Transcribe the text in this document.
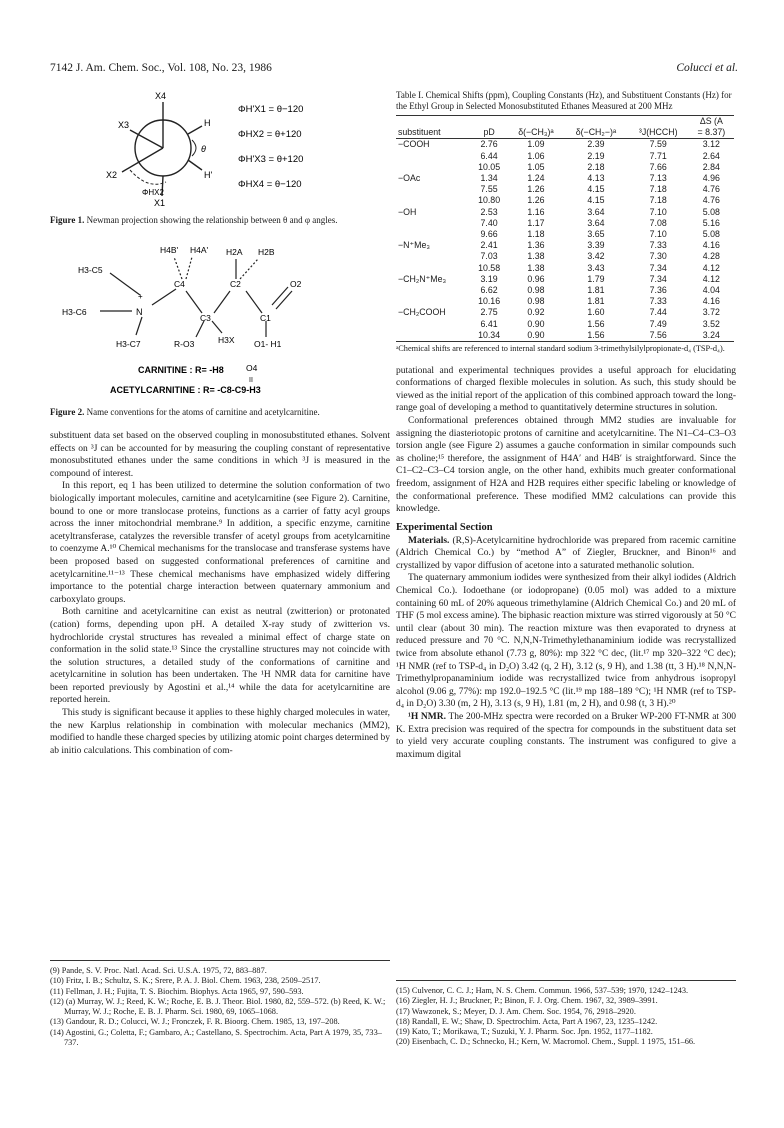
7142 J. Am. Chem. Soc., Vol. 108, No. 23, 1986	Colucci et al.
X4
X3
X2
X1
H
H'
θ
ΦHX2
ΦH'X1 = θ−120
ΦHX2 = θ+120
ΦH'X3 = θ+120
ΦHX4 = θ−120

Figure 1. Newman projection showing the relationship between θ and φ angles.

H4B' H4A' H2A H2B
H3-C5
H3-C6	N
+
C4
C3
C2
C1
O2
H3-C7	R-O3	H3X O1- H1
O4
II
CARNITINE : R= -H8
ACETYLCARNITINE : R= -C8-C9-H3

Figure 2. Name conventions for the atoms of carnitine and acetylcarnitine.

substituent data set based on the observed coupling in monosubstituted ethanes. Solvent effects on ³J can be accounted for by measuring the coupling constant of representative monosubstituted ethanes under the same conditions in which ³J is measured in the compound of interest.

In this report, eq 1 has been utilized to determine the solution conformation of two biologically important molecules, carnitine and acetylcarnitine (see Figure 2). Carnitine, bound to one or more translocase proteins, functions as a carrier of fatty acyl groups across the inner mitochondrial membrane.⁹ In addition, a specific enzyme, carnitine acetyltransferase, catalyzes the reversible transfer of acetyl groups from acetylcarnitine to coenzyme A.¹⁰ Chemical mechanisms for the translocase and transferase systems have been proposed based on suggested conformational preferences of carnitine and acetylcarnitine.¹¹⁻¹³ These chemical mechanisms have emphasized widely differing importance to the potential charge interaction between quaternary ammonium and carboxylato groups.

Both carnitine and acetylcarnitine can exist as neutral (zwitterion) or protonated (cation) forms, depending upon pH. A detailed X-ray study of zwitterion vs. hydrochloride crystal structures has revealed a minimal effect of charge state on conformation in the solid state.¹³ Since the crystalline structures may not coincide with the solution structures, a detailed study of the conformations of carnitine and acetylcarnitine in solution has been undertaken. The ¹H NMR data for carnitine have been reported previously by Agostini et al.,¹⁴ while the data for acetylcarnitine are reported herein.

This study is significant because it applies to these highly charged molecules in water, the new Karplus relationship in combination with molecular mechanics (MM2), modified to handle these charged species by utilizing atomic point charges determined by ab initio calculations. This combination of com-

(9) Pande, S. V. Proc. Natl. Acad. Sci. U.S.A. 1975, 72, 883–887.
(10) Fritz, I. B.; Schultz, S. K.; Srere, P. A. J. Biol. Chem. 1963, 238, 2509–2517.
(11) Fellman, J. H.; Fujita, T. S. Biochim. Biophys. Acta 1965, 97, 590–593.
(12) (a) Murray, W. J.; Reed, K. W.; Roche, E. B. J. Theor. Biol. 1980, 82, 559–572. (b) Reed, K. W.; Murray, W. J.; Roche, E. B. J. Pharm. Sci. 1980, 69, 1065–1068.
(13) Gandour, R. D.; Colucci, W. J.; Fronczek, F. R. Bioorg. Chem. 1985, 13, 197–208.
(14) Agostini, G.; Coletta, F.; Gambaro, A.; Castellano, S. Spectrochim. Acta, Part A 1979, 35, 733–737.

Table I. Chemical Shifts (ppm), Coupling Constants (Hz), and Substituent Constants (Hz) for the Ethyl Group in Selected Monosubstituted Ethanes Measured at 200 MHz

					ΔS (A
substituent	pD	δ(−CH₃)ᵃ	δ(−CH₂−)ᵃ	³J(HCCH)	= 8.37)
−COOH	2.76	1.09	2.39	7.59	3.12
	6.44	1.06	2.19	7.71	2.64
	10.05	1.05	2.18	7.66	2.84
−OAc	1.34	1.24	4.13	7.13	4.96
	7.55	1.26	4.15	7.18	4.76
	10.80	1.26	4.15	7.18	4.76
−OH	2.53	1.16	3.64	7.10	5.08
	7.40	1.17	3.64	7.08	5.16
	9.66	1.18	3.65	7.10	5.08
−N⁺Me₃	2.41	1.36	3.39	7.33	4.16
	7.03	1.38	3.42	7.30	4.28
	10.58	1.38	3.43	7.34	4.12
−CH₂N⁺Me₃	3.19	0.96	1.79	7.34	4.12
	6.62	0.98	1.81	7.36	4.04
	10.16	0.98	1.81	7.33	4.16
−CH₂COOH	2.75	0.92	1.60	7.44	3.72
	6.41	0.90	1.56	7.49	3.52
	10.34	0.90	1.56	7.56	3.24

ᵃChemical shifts are referenced to internal standard sodium 3-trimethylsilylpropionate-d₄ (TSP-d₄).

putational and experimental techniques provides a useful approach for elucidating conformations of charged flexible molecules in solution. As such, this study should be viewed as the initial report of the application of this combined approach toward the long-range goal of developing a method to quantitatively determine structures in solution.

Conformational preferences obtained through MM2 studies are invaluable for assigning the diasteriotopic protons of carnitine and acetylcarnitine. The N1–C4–C3–O3 torsion angle (see Figure 2) assumes a gauche conformation in similar compounds such as choline;¹⁵ therefore, the assignment of H4A′ and H4B′ is straightforward. Since the C1–C2–C3–C4 torsion angle, on the other hand, exhibits much greater conformational freedom, assignment of H2A and H2B requires either specific labeling or knowledge of the conformational preference. These modified MM2 calculations can provide this knowledge.

Experimental Section

Materials. (R,S)-Acetylcarnitine hydrochloride was prepared from racemic carnitine (Aldrich Chemical Co.) by “method A” of Ziegler, Bruckner, and Binon¹⁶ and crystallized by vapor diffusion of acetone into a saturated methanolic solution.

The quaternary ammonium iodides were synthesized from their alkyl iodides (Aldrich Chemical Co.). Iodoethane (or iodopropane) (0.05 mol) was added to a mixture containing 60 mL of 20% aqueous trimethylamine (Aldrich Chemical Co.) and 20 mL of THF (5 mol excess amine). The biphasic reaction mixture was stirred vigorously at 50 °C until clear (about 30 min). The reaction mixture was then evaporated to dryness at reduced pressure and 70 °C. N,N,N-Trimethylethanaminium iodide was recrystallized twice from absolute ethanol (7.73 g, 80%): mp 322 °C dec, (lit.¹⁷ mp 320–322 °C dec); ¹H NMR (ref to TSP-d₄ in D₂O) 3.42 (q, 2 H), 3.12 (s, 9 H), and 1.38 (tt, 3 H).¹⁸ N,N,N-Trimethylpropanaminium iodide was recrystallized twice from anhydrous isopropyl alcohol (9.06 g, 77%): mp 192.0–192.5 °C (lit.¹⁹ mp 188–189 °C); ¹H NMR (ref to TSP-d₄ in D₂O) 3.30 (m, 2 H), 3.13 (s, 9 H), 1.81 (m, 2 H), and 0.98 (t, 3 H).²⁰

¹H NMR. The 200-MHz spectra were recorded on a Bruker WP-200 FT-NMR at 300 K. Extra precision was required of the spectra for compounds in the substituent data set to yield very accurate coupling constants. The instrument was configured to give a maximum digital

(15) Culvenor, C. C. J.; Ham, N. S. Chem. Commun. 1966, 537–539; 1970, 1242–1243.
(16) Ziegler, H. J.; Bruckner, P.; Binon, F. J. Org. Chem. 1967, 32, 3989–3991.
(17) Wawzonek, S.; Meyer, D. J. Am. Chem. Soc. 1954, 76, 2918–2920.
(18) Randall, E. W.; Shaw, D. Spectrochim. Acta, Part A 1967, 23, 1235–1242.
(19) Kato, T.; Morikawa, T.; Suzuki, Y. J. Pharm. Soc. Jpn. 1952, 1177–1182.
(20) Eisenbach, C. D.; Schnecko, H.; Kern, W. Macromol. Chem., Suppl. 1 1975, 151–66.
